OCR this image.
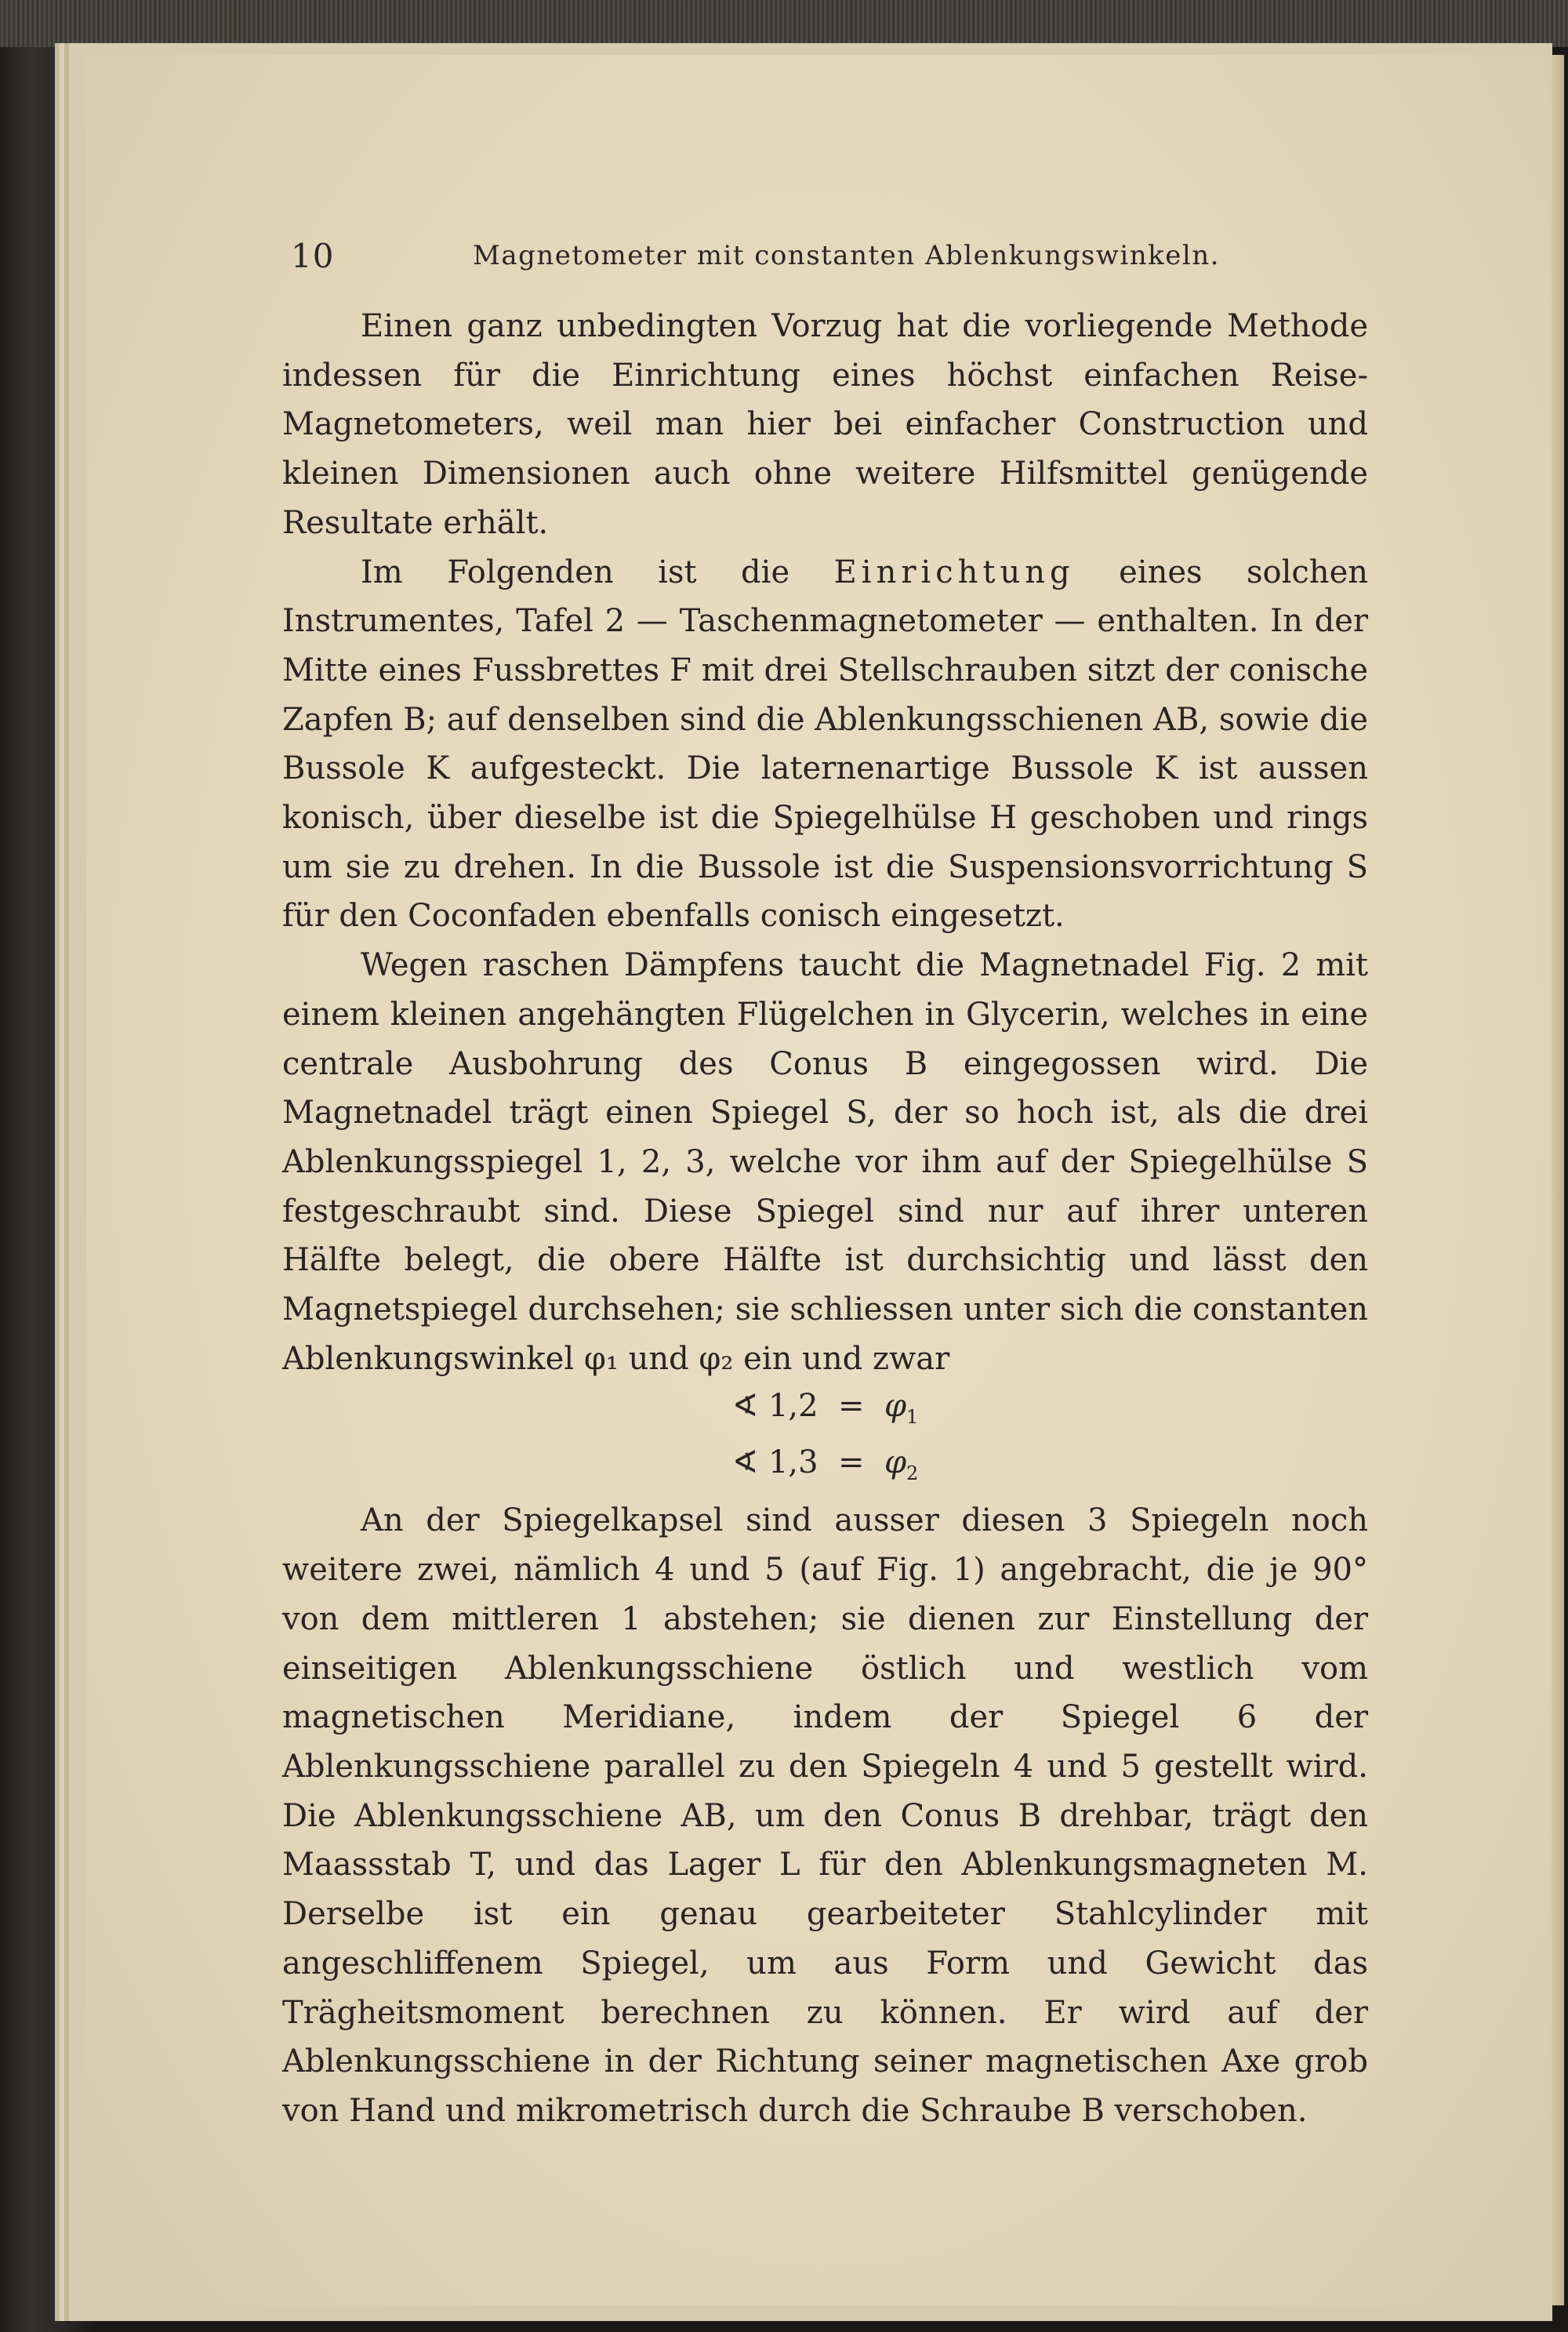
10	Magnetometer mit constanten Ablenkungswinkeln.

Einen ganz unbedingten Vorzug hat die vorliegende Methode indessen für die Einrichtung eines höchst einfachen Reise-Magnetometers, weil man hier bei einfacher Construction und kleinen Dimensionen auch ohne weitere Hilfsmittel genügende Resultate erhält.

Im Folgenden ist die Einrichtung eines solchen Instrumentes, Tafel 2 — Taschenmagnetometer — enthalten. In der Mitte eines Fussbrettes F mit drei Stellschrauben sitzt der conische Zapfen B; auf denselben sind die Ablenkungsschienen AB, sowie die Bussole K aufgesteckt. Die laternenartige Bussole K ist aussen konisch, über dieselbe ist die Spiegelhülse H geschoben und rings um sie zu drehen. In die Bussole ist die Suspensionsvorrichtung S für den Coconfaden ebenfalls conisch eingesetzt.

Wegen raschen Dämpfens taucht die Magnetnadel Fig. 2 mit einem kleinen angehängten Flügelchen in Glycerin, welches in eine centrale Ausbohrung des Conus B eingegossen wird. Die Magnetnadel trägt einen Spiegel S, der so hoch ist, als die drei Ablenkungsspiegel 1, 2, 3, welche vor ihm auf der Spiegelhülse S festgeschraubt sind. Diese Spiegel sind nur auf ihrer unteren Hälfte belegt, die obere Hälfte ist durchsichtig und lässt den Magnetspiegel durchsehen; sie schliessen unter sich die constanten Ablenkungswinkel φ₁ und φ₂ ein und zwar

∢ $1,2 = \varphi_1$

∢ $1,3 = \varphi_2$

An der Spiegelkapsel sind ausser diesen 3 Spiegeln noch weitere zwei, nämlich 4 und 5 (auf Fig. 1) angebracht, die je 90° von dem mittleren 1 abstehen; sie dienen zur Einstellung der einseitigen Ablenkungsschiene östlich und westlich vom magnetischen Meridiane, indem der Spiegel 6 der Ablenkungsschiene parallel zu den Spiegeln 4 und 5 gestellt wird. Die Ablenkungsschiene AB, um den Conus B drehbar, trägt den Maassstab T, und das Lager L für den Ablenkungsmagneten M. Derselbe ist ein genau gearbeiteter Stahlcylinder mit angeschliffenem Spiegel, um aus Form und Gewicht das Trägheitsmoment berechnen zu können. Er wird auf der Ablenkungsschiene in der Richtung seiner magnetischen Axe grob von Hand und mikrometrisch durch die Schraube B verschoben.
